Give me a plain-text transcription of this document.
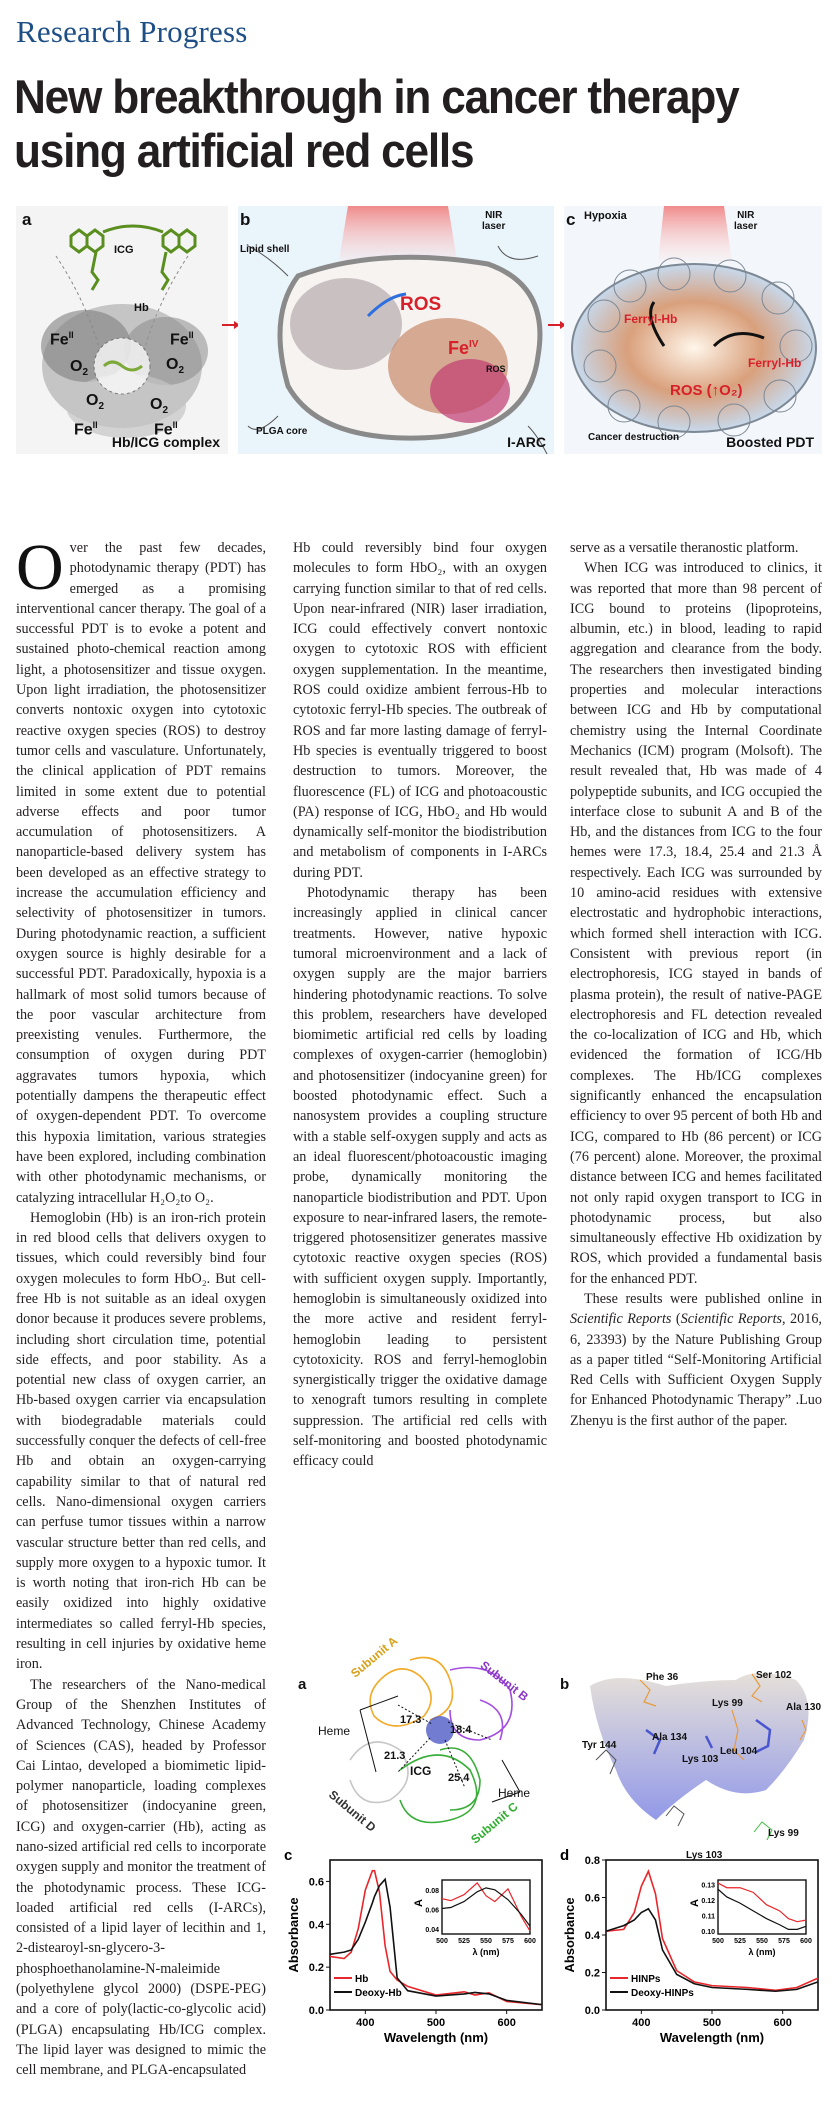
Research Progress
New breakthrough in cancer therapy using artificial red cells
a
ICG
Hb
$Fe^{II}$	$Fe^{II}$
$O_2$	$O_2$
$O_2$	$O_2$
$Fe^{II}$	$Fe^{II}$
Hb/ICG complex
b
Lipid shell
PLGA core
NIR
laser
ROS
$Fe^{IV}$
ROS
I-ARC
c Hypoxia	NIR
laser
Ferryl-Hb
Ferryl-Hb
ROS (↑O₂)
Cancer destruction	Boosted PDT

Over the past few decades, photodynamic therapy (PDT) has emerged as a promising interventional cancer therapy. The goal of a successful PDT is to evoke a potent and sustained photo-chemical reaction among light, a photosensitizer and tissue oxygen. Upon light irradiation, the photosensitizer converts nontoxic oxygen into cytotoxic reactive oxygen species (ROS) to destroy tumor cells and vasculature. Unfortunately, the clinical application of PDT remains limited in some extent due to potential adverse effects and poor tumor accumulation of photosensitizers. A nanoparticle-based delivery system has been developed as an effective strategy to increase the accumulation efficiency and selectivity of photosensitizer in tumors. During photodynamic reaction, a sufficient oxygen source is highly desirable for a successful PDT. Paradoxically, hypoxia is a hallmark of most solid tumors because of the poor vascular architecture from preexisting venules. Furthermore, the consumption of oxygen during PDT aggravates tumors hypoxia, which potentially dampens the therapeutic effect of oxygen-dependent PDT. To overcome this hypoxia limitation, various strategies have been explored, including combination with other photodynamic mechanisms, or catalyzing intracellular H₂O₂to O₂.

Hemoglobin (Hb) is an iron-rich protein in red blood cells that delivers oxygen to tissues, which could reversibly bind four oxygen molecules to form HbO₂. But cell-free Hb is not suitable as an ideal oxygen donor because it produces severe problems, including short circulation time, potential side effects, and poor stability. As a potential new class of oxygen carrier, an Hb-based oxygen carrier via encapsulation with biodegradable materials could successfully conquer the defects of cell-free Hb and obtain an oxygen-carrying capability similar to that of natural red cells. Nano-dimensional oxygen carriers can perfuse tumor tissues within a narrow vascular structure better than red cells, and supply more oxygen to a hypoxic tumor. It is worth noting that iron-rich Hb can be easily oxidized into highly oxidative intermediates so called ferryl-Hb species, resulting in cell injuries by oxidative heme iron.

The researchers of the Nano-medical Group of the Shenzhen Institutes of Advanced Technology, Chinese Academy of Sciences (CAS), headed by Professor Cai Lintao, developed a biomimetic lipid-polymer nanoparticle, loading complexes of photosensitizer (indocyanine green, ICG) and oxygen-carrier (Hb), acting as nano-sized artificial red cells to incorporate oxygen supply and monitor the treatment of the photodynamic process. These ICG-loaded artificial red cells (I-ARCs), consisted of a lipid layer of lecithin and 1, 2-distearoyl-sn-glycero-3-phosphoethanolamine-N-maleimide (polyethylene glycol 2000) (DSPE-PEG) and a core of poly(lactic-co-glycolic acid) (PLGA) encapsulating Hb/ICG complex. The lipid layer was designed to mimic the cell membrane, and PLGA-encapsulated

Hb could reversibly bind four oxygen molecules to form HbO₂, with an oxygen carrying function similar to that of red cells. Upon near-infrared (NIR) laser irradiation, ICG could effectively convert nontoxic oxygen to cytotoxic ROS with efficient oxygen supplementation. In the meantime, ROS could oxidize ambient ferrous-Hb to cytotoxic ferryl-Hb species. The outbreak of ROS and far more lasting damage of ferryl-Hb species is eventually triggered to boost destruction to tumors. Moreover, the fluorescence (FL) of ICG and photoacoustic (PA) response of ICG, HbO₂ and Hb would dynamically self-monitor the biodistribution and metabolism of components in I-ARCs during PDT.

Photodynamic therapy has been increasingly applied in clinical cancer treatments. However, native hypoxic tumoral microenvironment and a lack of oxygen supply are the major barriers hindering photodynamic reactions. To solve this problem, researchers have developed biomimetic artificial red cells by loading complexes of oxygen-carrier (hemoglobin) and photosensitizer (indocyanine green) for boosted photodynamic effect. Such a nanosystem provides a coupling structure with a stable self-oxygen supply and acts as an ideal fluorescent/photoacoustic imaging probe, dynamically monitoring the nanoparticle biodistribution and PDT. Upon exposure to near-infrared lasers, the remote-triggered photosensitizer generates massive cytotoxic reactive oxygen species (ROS) with sufficient oxygen supply. Importantly, hemoglobin is simultaneously oxidized into the more active and resident ferryl-hemoglobin leading to persistent cytotoxicity. ROS and ferryl-hemoglobin synergistically trigger the oxidative damage to xenograft tumors resulting in complete suppression. The artificial red cells with self-monitoring and boosted photodynamic efficacy could

serve as a versatile theranostic platform.

When ICG was introduced to clinics, it was reported that more than 98 percent of ICG bound to proteins (lipoproteins, albumin, etc.) in blood, leading to rapid aggregation and clearance from the body. The researchers then investigated binding properties and molecular interactions between ICG and Hb by computational chemistry using the Internal Coordinate Mechanics (ICM) program (Molsoft). The result revealed that, Hb was made of 4 polypeptide subunits, and ICG occupied the interface close to subunit A and B of the Hb, and the distances from ICG to the four hemes were 17.3, 18.4, 25.4 and 21.3 Å respectively. Each ICG was surrounded by 10 amino-acid residues with extensive electrostatic and hydrophobic interactions, which formed shell interaction with ICG. Consistent with previous report (in electrophoresis, ICG stayed in bands of plasma protein), the result of native-PAGE electrophoresis and FL detection revealed the co-localization of ICG and Hb, which evidenced the formation of ICG/Hb complexes. The Hb/ICG complexes significantly enhanced the encapsulation efficiency to over 95 percent of both Hb and ICG, compared to Hb (86 percent) or ICG (76 percent) alone. Moreover, the proximal distance between ICG and hemes facilitated not only rapid oxygen transport to ICG in photodynamic process, but also simultaneously effective Hb oxidization by ROS, which provided a fundamental basis for the enhanced PDT.

These results were published online in Scientific Reports (Scientific Reports, 2016, 6, 23393) by the Nature Publishing Group as a paper titled “Self-Monitoring Artificial Red Cells with Sufficient Oxygen Supply for Enhanced Photodynamic Therapy” .Luo Zhenyu is the first author of the paper.

a
Subunit A
Subunit B
Subunit C
Subunit D
Heme
Heme
ICG
17.3
18.4
25.4
21.3
b	Phe 36	Ser 102
Lys 99	Ala 130
Tyr 144
Ala 134
Lys 103
Leu 104
Lys 103
Lys 99
c
0.0
0.2
0.4
0.6
400	500	600
Wavelength (nm)
Absorbance
Hb
Deoxy-Hb
0.04
0.06
0.08
500 525 550 575 600
λ (nm)
A
d
0.0
0.2
0.4
0.6
0.8
400	500	600
Wavelength (nm)
Absorbance
HINPs
Deoxy-HINPs
0.10
0.11
0.12
0.13
500 525 550 575 600
λ (nm)
A
